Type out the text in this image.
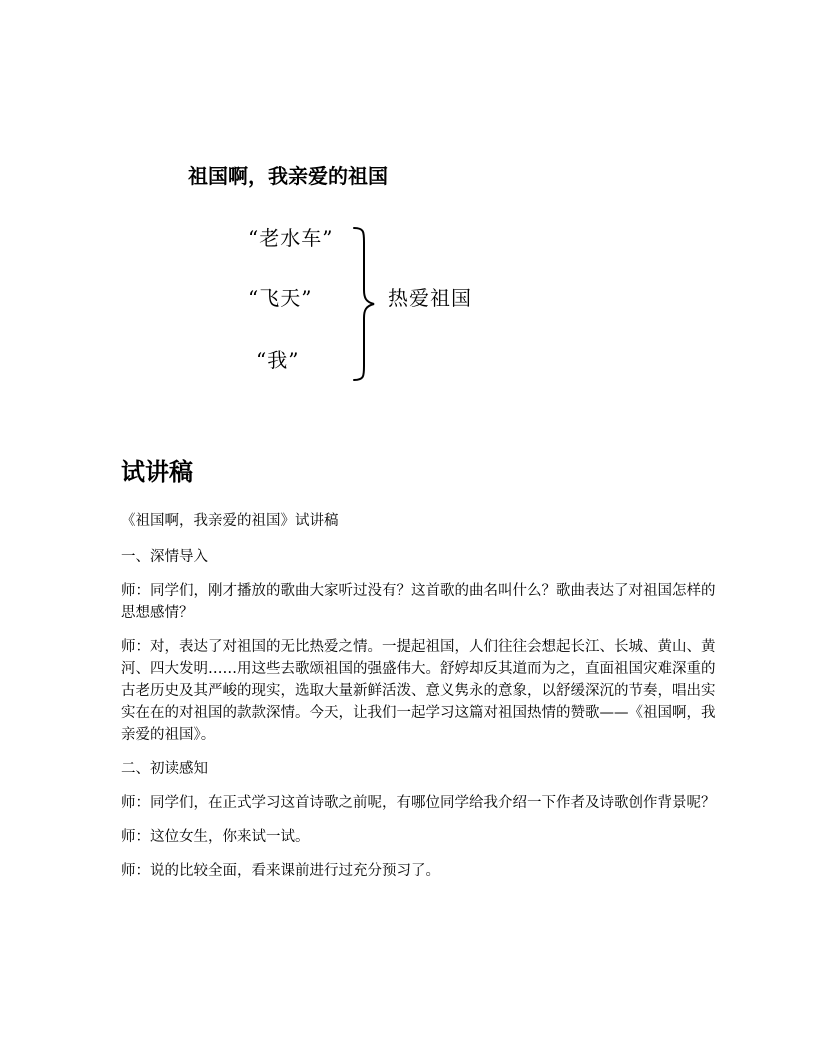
祖国啊，我亲爱的祖国
“老水车”
“飞天”
“我”
热爱祖国
试讲稿

《祖国啊，我亲爱的祖国》试讲稿

一、深情导入

师：同学们，刚才播放的歌曲大家听过没有？这首歌的曲名叫什么？歌曲表达了对祖国怎样的思想感情？

师：对，表达了对祖国的无比热爱之情。一提起祖国，人们往往会想起长江、长城、黄山、黄河、四大发明……用这些去歌颂祖国的强盛伟大。舒婷却反其道而为之，直面祖国灾难深重的古老历史及其严峻的现实，选取大量新鲜活泼、意义隽永的意象，以舒缓深沉的节奏，唱出实实在在的对祖国的款款深情。今天，让我们一起学习这篇对祖国热情的赞歌——《祖国啊，我亲爱的祖国》。

二、初读感知

师：同学们，在正式学习这首诗歌之前呢，有哪位同学给我介绍一下作者及诗歌创作背景呢？

师：这位女生，你来试一试。

师：说的比较全面，看来课前进行过充分预习了。
